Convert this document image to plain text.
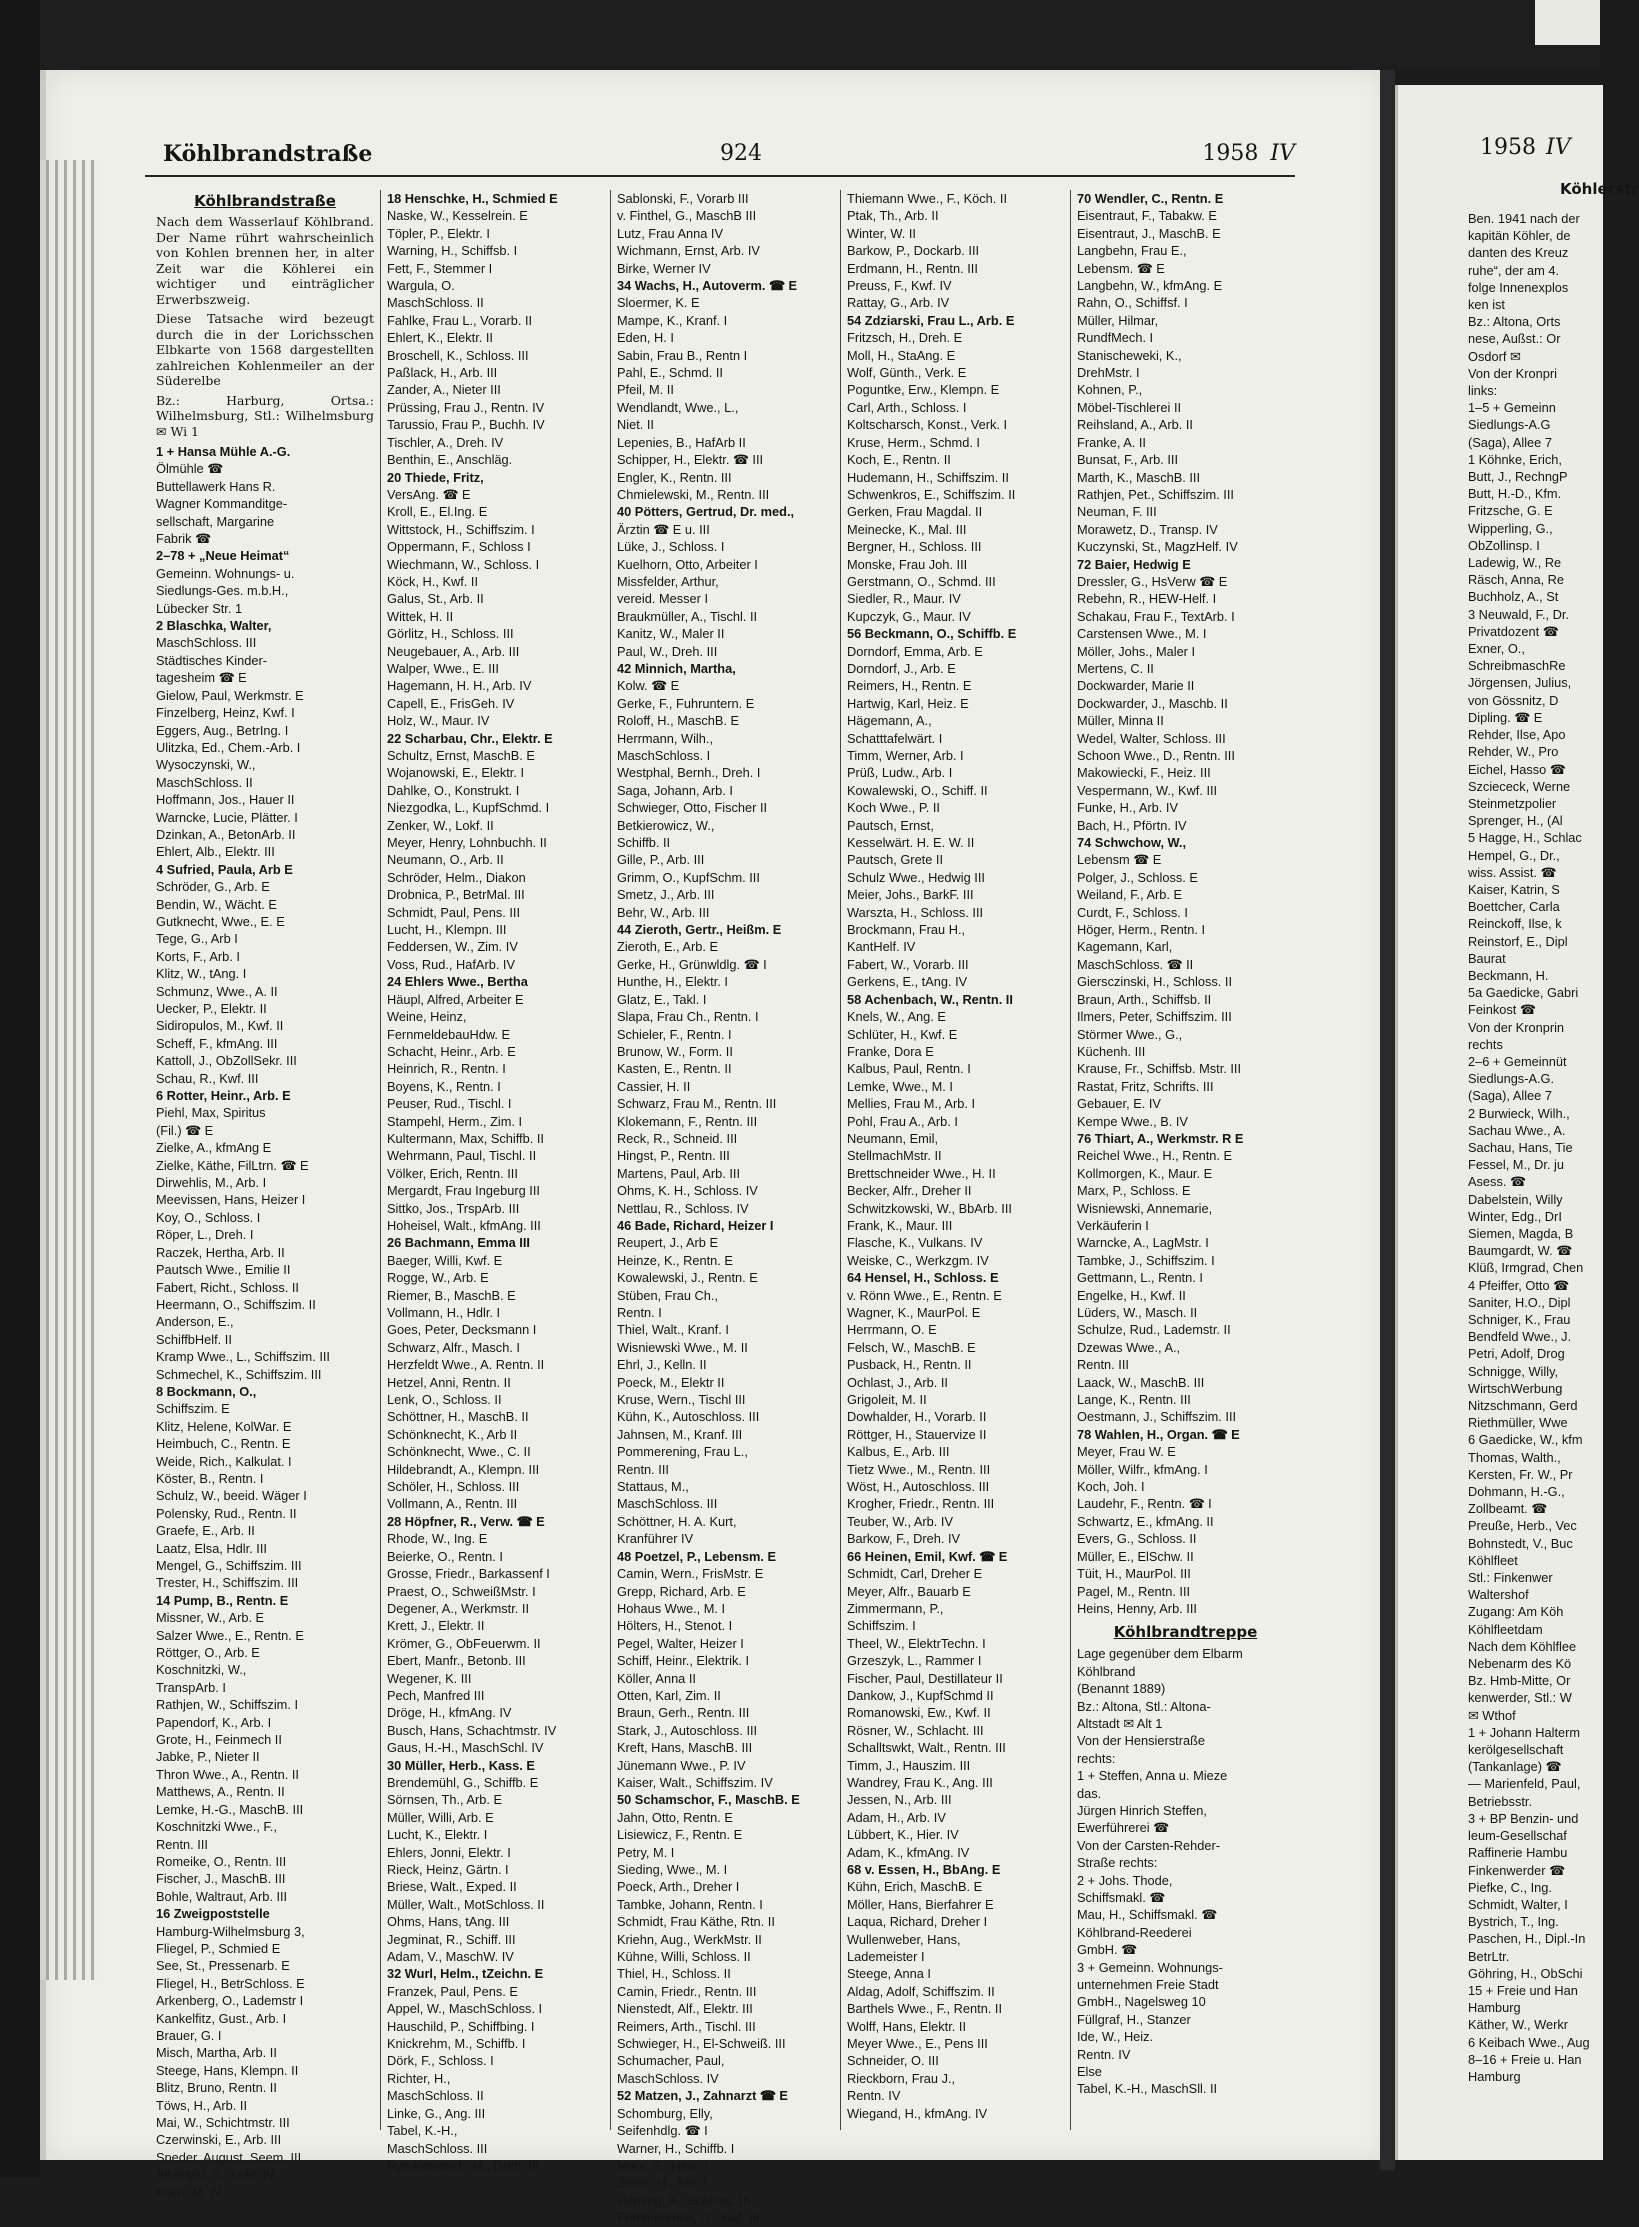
Köhlbrandstraße	924	1958 IV
Köhlbrandstraße
Nach dem Wasserlauf Köhlbrand. Der Name rührt wahrscheinlich von Kohlen brennen her, in alter Zeit war die Köhlerei ein wichtiger und einträglicher Erwerbszweig.
Diese Tatsache wird bezeugt durch die in der Lorichsschen Elbkarte von 1568 dargestellten zahlreichen Kohlenmeiler an der Süderelbe
Bz.: Harburg, Ortsa.: Wilhelmsburg, Stl.: Wilhelmsburg ✉ Wi 1
1 + Hansa Mühle A.-G.
Ölmühle ☎
Buttellawerk Hans R.
Wagner Kommanditge-
sellschaft, Margarine
Fabrik ☎
2–78 + „Neue Heimat“
Gemeinn. Wohnungs- u.
Siedlungs-Ges. m.b.H.,
Lübecker Str. 1
2 Blaschka, Walter,
MaschSchloss. III
Städtisches Kinder-
tagesheim ☎ E
Gielow, Paul, Werkmstr. E
Finzelberg, Heinz, Kwf. I
Eggers, Aug., BetrIng. I
Ulitzka, Ed., Chem.-Arb. I
Wysoczynski, W.,
MaschSchloss. II
Hoffmann, Jos., Hauer II
Warncke, Lucie, Plätter. I
Dzinkan, A., BetonArb. II
Ehlert, Alb., Elektr. III
4 Sufried, Paula, Arb E
Schröder, G., Arb. E
Bendin, W., Wächt. E
Gutknecht, Wwe., E. E
Tege, G., Arb I
Korts, F., Arb. I
Klitz, W., tAng. I
Schmunz, Wwe., A. II
Uecker, P., Elektr. II
Sidiropulos, M., Kwf. II
Scheff, F., kfmAng. III
Kattoll, J., ObZollSekr. III
Schau, R., Kwf. III
6 Rotter, Heinr., Arb. E
Piehl, Max, Spiritus
(Fil.) ☎ E
Zielke, A., kfmAng E
Zielke, Käthe, FilLtrn. ☎ E
Dirwehlis, M., Arb. I
Meevissen, Hans, Heizer I
Koy, O., Schloss. I
Röper, L., Dreh. I
Raczek, Hertha, Arb. II
Pautsch Wwe., Emilie II
Fabert, Richt., Schloss. II
Heermann, O., Schiffszim. II
Anderson, E.,
SchiffbHelf. II
Kramp Wwe., L., Schiffszim. III
Schmechel, K., Schiffszim. III
8 Bockmann, O.,
Schiffszim. E
Klitz, Helene, KolWar. E
Heimbuch, C., Rentn. E
Weide, Rich., Kalkulat. I
Köster, B., Rentn. I
Schulz, W., beeid. Wäger I
Polensky, Rud., Rentn. II
Graefe, E., Arb. II
Laatz, Elsa, Hdlr. III
Mengel, G., Schiffszim. III
Trester, H., Schiffszim. III
14 Pump, B., Rentn. E
Missner, W., Arb. E
Salzer Wwe., E., Rentn. E
Röttger, O., Arb. E
Koschnitzki, W.,
TranspArb. I
Rathjen, W., Schiffszim. I
Papendorf, K., Arb. I
Grote, H., Feinmech II
Jabke, P., Nieter II
Thron Wwe., A., Rentn. II
Matthews, A., Rentn. II
Lemke, H.-G., MaschB. III
Koschnitzki Wwe., F.,
Rentn. III
Romeike, O., Rentn. III
Fischer, J., MaschB. III
Bohle, Waltraut, Arb. III
16 Zweigpoststelle
Hamburg-Wilhelmsburg 3,
Fliegel, P., Schmied E
See, St., Pressenarb. E
Fliegel, H., BetrSchloss. E
Arkenberg, O., Lademstr I
Kankelfitz, Gust., Arb. I
Brauer, G. I
Misch, Martha, Arb. II
Steege, Hans, Klempn. II
Blitz, Bruno, Rentn. II
Töws, H., Arb. II
Mai, W., Schichtmstr. III
Czerwinski, E., Arb. III
Speder, August, Seem. III
Albertzki, S., Lokf. IV
Koch, M. IV
18 Henschke, H., Schmied E
Naske, W., Kesselrein. E
Töpler, P., Elektr. I
Warning, H., Schiffsb. I
Fett, F., Stemmer I
Wargula, O.
MaschSchloss. II
Fahlke, Frau L., Vorarb. II
Ehlert, K., Elektr. II
Broschell, K., Schloss. III
Paßlack, H., Arb. III
Zander, A., Nieter III
Prüssing, Frau J., Rentn. IV
Tarussio, Frau P., Buchh. IV
Tischler, A., Dreh. IV
Benthin, E., Anschläg.
20 Thiede, Fritz,
VersAng. ☎ E
Kroll, E., El.Ing. E
Wittstock, H., Schiffszim. I
Oppermann, F., Schloss I
Wiechmann, W., Schloss. I
Köck, H., Kwf. II
Galus, St., Arb. II
Wittek, H. II
Görlitz, H., Schloss. III
Neugebauer, A., Arb. III
Walper, Wwe., E. III
Hagemann, H. H., Arb. IV
Capell, E., FrisGeh. IV
Holz, W., Maur. IV
22 Scharbau, Chr., Elektr. E
Schultz, Ernst, MaschB. E
Wojanowski, E., Elektr. I
Dahlke, O., Konstrukt. I
Niezgodka, L., KupfSchmd. I
Zenker, W., Lokf. II
Meyer, Henry, Lohnbuchh. II
Neumann, O., Arb. II
Schröder, Helm., Diakon
Drobnica, P., BetrMal. III
Schmidt, Paul, Pens. III
Lucht, H., Klempn. III
Feddersen, W., Zim. IV
Voss, Rud., HafArb. IV
24 Ehlers Wwe., Bertha
Häupl, Alfred, Arbeiter E
Weine, Heinz,
FernmeldebauHdw. E
Schacht, Heinr., Arb. E
Heinrich, R., Rentn. I
Boyens, K., Rentn. I
Peuser, Rud., Tischl. I
Stampehl, Herm., Zim. I
Kultermann, Max, Schiffb. II
Wehrmann, Paul, Tischl. II
Völker, Erich, Rentn. III
Mergardt, Frau Ingeburg III
Sittko, Jos., TrspArb. III
Hoheisel, Walt., kfmAng. III
26 Bachmann, Emma III
Baeger, Willi, Kwf. E
Rogge, W., Arb. E
Riemer, B., MaschB. E
Vollmann, H., Hdlr. I
Goes, Peter, Decksmann I
Schwarz, Alfr., Masch. I
Herzfeldt Wwe., A. Rentn. II
Hetzel, Anni, Rentn. II
Lenk, O., Schloss. II
Schöttner, H., MaschB. II
Schönknecht, K., Arb II
Schönknecht, Wwe., C. II
Hildebrandt, A., Klempn. III
Schöler, H., Schloss. III
Vollmann, A., Rentn. III
28 Höpfner, R., Verw. ☎ E
Rhode, W., Ing. E
Beierke, O., Rentn. I
Grosse, Friedr., Barkassenf I
Praest, O., SchweißMstr. I
Degener, A., Werkmstr. II
Krett, J., Elektr. II
Krömer, G., ObFeuerwm. II
Ebert, Manfr., Betonb. III
Wegener, K. III
Pech, Manfred III
Dröge, H., kfmAng. IV
Busch, Hans, Schachtmstr. IV
Gaus, H.-H., MaschSchl. IV
30 Müller, Herb., Kass. E
Brendemühl, G., Schiffb. E
Sörnsen, Th., Arb. E
Müller, Willi, Arb. E
Lucht, K., Elektr. I
Ehlers, Jonni, Elektr. I
Rieck, Heinz, Gärtn. I
Briese, Walt., Exped. II
Müller, Walt., MotSchloss. II
Ohms, Hans, tAng. III
Jegminat, R., Schiff. III
Adam, V., MaschW. IV
32 Wurl, Helm., tZeichn. E
Franzek, Paul, Pens. E
Appel, W., MaschSchloss. I
Hauschild, P., Schiffbing. I
Knickrehm, M., Schiffb. I
Dörk, F., Schloss. I
Richter, H.,
MaschSchloss. II
Linke, G., Ang. III
Tabel, K.-H.,
MaschSchloss. III
Rymkiewitsch, M., Dreh. III
Sablonski, F., Vorarb III
v. Finthel, G., MaschB III
Lutz, Frau Anna IV
Wichmann, Ernst, Arb. IV
Birke, Werner IV
34 Wachs, H., Autoverm. ☎ E
Sloermer, K. E
Mampe, K., Kranf. I
Eden, H. I
Sabin, Frau B., Rentn I
Pahl, E., Schmd. II
Pfeil, M. II
Wendlandt, Wwe., L.,
Niet. II
Lepenies, B., HafArb II
Schipper, H., Elektr. ☎ III
Engler, K., Rentn. III
Chmielewski, M., Rentn. III
40 Pötters, Gertrud, Dr. med.,
Ärztin ☎ E u. III
Lüke, J., Schloss. I
Kuelhorn, Otto, Arbeiter I
Missfelder, Arthur,
vereid. Messer I
Braukmüller, A., Tischl. II
Kanitz, W., Maler II
Paul, W., Dreh. III
42 Minnich, Martha,
Kolw. ☎ E
Gerke, F., Fuhruntern. E
Roloff, H., MaschB. E
Herrmann, Wilh.,
MaschSchloss. I
Westphal, Bernh., Dreh. I
Saga, Johann, Arb. I
Schwieger, Otto, Fischer II
Betkierowicz, W.,
Schiffb. II
Gille, P., Arb. III
Grimm, O., KupfSchm. III
Smetz, J., Arb. III
Behr, W., Arb. III
44 Zieroth, Gertr., Heißm. E
Zieroth, E., Arb. E
Gerke, H., Grünwldlg. ☎ I
Hunthe, H., Elektr. I
Glatz, E., Takl. I
Slapa, Frau Ch., Rentn. I
Schieler, F., Rentn. I
Brunow, W., Form. II
Kasten, E., Rentn. II
Cassier, H. II
Schwarz, Frau M., Rentn. III
Klokemann, F., Rentn. III
Reck, R., Schneid. III
Hingst, P., Rentn. III
Martens, Paul, Arb. III
Ohms, K. H., Schloss. IV
Nettlau, R., Schloss. IV
46 Bade, Richard, Heizer I
Reupert, J., Arb E
Heinze, K., Rentn. E
Kowalewski, J., Rentn. E
Stüben, Frau Ch.,
Rentn. I
Thiel, Walt., Kranf. I
Wisniewski Wwe., M. II
Ehrl, J., Kelln. II
Poeck, M., Elektr II
Kruse, Wern., Tischl III
Kühn, K., Autoschloss. III
Jahnsen, M., Kranf. III
Pommerening, Frau L.,
Rentn. III
Stattaus, M.,
MaschSchloss. III
Schöttner, H. A. Kurt,
Kranführer IV
48 Poetzel, P., Lebensm. E
Camin, Wern., FrisMstr. E
Grepp, Richard, Arb. E
Hohaus Wwe., M. I
Hölters, H., Stenot. I
Pegel, Walter, Heizer I
Schiff, Heinr., Elektrik. I
Köller, Anna II
Otten, Karl, Zim. II
Braun, Gerh., Rentn. III
Stark, J., Autoschloss. III
Kreft, Hans, MaschB. III
Jünemann Wwe., P. IV
Kaiser, Walt., Schiffszim. IV
50 Schamschor, F., MaschB. E
Jahn, Otto, Rentn. E
Lisiewicz, F., Rentn. E
Petry, M. I
Sieding, Wwe., M. I
Poeck, Arth., Dreher I
Tambke, Johann, Rentn. I
Schmidt, Frau Käthe, Rtn. II
Kriehn, Aug., WerkMstr. II
Kühne, Willi, Schloss. II
Thiel, H., Schloss. II
Camin, Friedr., Rentn. III
Nienstedt, Alf., Elektr. III
Reimers, Arth., Tischl. III
Schwieger, H., El-Schweiß. III
Schumacher, Paul,
MaschSchloss. IV
52 Matzen, J., Zahnarzt ☎ E
Schomburg, Elly,
Seifenhdlg. ☎ I
Warner, H., Schiffb. I
Marx, E., Heiz. I
Stolte, H., Arb. I
Herning, A., Schloss. III
Pommerenke, O., Kwf. III
Thiemann Wwe., F., Köch. II
Ptak, Th., Arb. II
Winter, W. II
Barkow, P., Dockarb. III
Erdmann, H., Rentn. III
Preuss, F., Kwf. IV
Rattay, G., Arb. IV
54 Zdziarski, Frau L., Arb. E
Fritzsch, H., Dreh. E
Moll, H., StaAng. E
Wolf, Günth., Verk. E
Poguntke, Erw., Klempn. E
Carl, Arth., Schloss. I
Koltscharsch, Konst., Verk. I
Kruse, Herm., Schmd. I
Koch, E., Rentn. II
Hudemann, H., Schiffszim. II
Schwenkros, E., Schiffszim. II
Gerken, Frau Magdal. II
Meinecke, K., Mal. III
Bergner, H., Schloss. III
Monske, Frau Joh. III
Gerstmann, O., Schmd. III
Siedler, R., Maur. IV
Kupczyk, G., Maur. IV
56 Beckmann, O., Schiffb. E
Dorndorf, Emma, Arb. E
Dorndorf, J., Arb. E
Reimers, H., Rentn. E
Hartwig, Karl, Heiz. E
Hägemann, A.,
Schatttafelwärt. I
Timm, Werner, Arb. I
Prüß, Ludw., Arb. I
Kowalewski, O., Schiff. II
Koch Wwe., P. II
Pautsch, Ernst,
Kesselwärt. H. E. W. II
Pautsch, Grete II
Schulz Wwe., Hedwig III
Meier, Johs., BarkF. III
Warszta, H., Schloss. III
Brockmann, Frau H.,
KantHelf. IV
Fabert, W., Vorarb. III
Gerkens, E., tAng. IV
58 Achenbach, W., Rentn. II
Knels, W., Ang. E
Schlüter, H., Kwf. E
Franke, Dora E
Kalbus, Paul, Rentn. I
Lemke, Wwe., M. I
Mellies, Frau M., Arb. I
Pohl, Frau A., Arb. I
Neumann, Emil,
StellmachMstr. II
Brettschneider Wwe., H. II
Becker, Alfr., Dreher II
Schwitzkowski, W., BbArb. III
Frank, K., Maur. III
Flasche, K., Vulkans. IV
Weiske, C., Werkzgm. IV
64 Hensel, H., Schloss. E
v. Rönn Wwe., E., Rentn. E
Wagner, K., MaurPol. E
Herrmann, O. E
Felsch, W., MaschB. E
Pusback, H., Rentn. II
Ochlast, J., Arb. II
Grigoleit, M. II
Dowhalder, H., Vorarb. II
Röttger, H., Stauervize II
Kalbus, E., Arb. III
Tietz Wwe., M., Rentn. III
Wöst, H., Autoschloss. III
Krogher, Friedr., Rentn. III
Teuber, W., Arb. IV
Barkow, F., Dreh. IV
66 Heinen, Emil, Kwf. ☎ E
Schmidt, Carl, Dreher E
Meyer, Alfr., Bauarb E
Zimmermann, P.,
Schiffszim. I
Theel, W., ElektrTechn. I
Grzeszyk, L., Rammer I
Fischer, Paul, Destillateur II
Dankow, J., KupfSchmd II
Romanowski, Ew., Kwf. II
Rösner, W., Schlacht. III
Schalltswkt, Walt., Rentn. III
Timm, J., Hauszim. III
Wandrey, Frau K., Ang. III
Jessen, N., Arb. III
Adam, H., Arb. IV
Lübbert, K., Hier. IV
Adam, K., kfmAng. IV
68 v. Essen, H., BbAng. E
Kühn, Erich, MaschB. E
Möller, Hans, Bierfahrer E
Laqua, Richard, Dreher I
Wullenweber, Hans,
Lademeister I
Steege, Anna I
Aldag, Adolf, Schiffszim. II
Barthels Wwe., F., Rentn. II
Wolff, Hans, Elektr. II
Meyer Wwe., E., Pens III
Schneider, O. III
Rieckborn, Frau J.,
Rentn. IV
Wiegand, H., kfmAng. IV
70 Wendler, C., Rentn. E
Eisentraut, F., Tabakw. E
Eisentraut, J., MaschB. E
Langbehn, Frau E.,
Lebensm. ☎ E
Langbehn, W., kfmAng. E
Rahn, O., Schiffsf. I
Müller, Hilmar,
RundfMech. I
Stanischeweki, K.,
DrehMstr. I
Kohnen, P.,
Möbel-Tischlerei II
Reihsland, A., Arb. II
Franke, A. II
Bunsat, F., Arb. III
Marth, K., MaschB. III
Rathjen, Pet., Schiffszim. III
Neuman, F. III
Morawetz, D., Transp. IV
Kuczynski, St., MagzHelf. IV
72 Baier, Hedwig E
Dressler, G., HsVerw ☎ E
Rebehn, R., HEW-Helf. I
Schakau, Frau F., TextArb. I
Carstensen Wwe., M. I
Möller, Johs., Maler I
Mertens, C. II
Dockwarder, Marie II
Dockwarder, J., Maschb. II
Müller, Minna II
Wedel, Walter, Schloss. III
Schoon Wwe., D., Rentn. III
Makowiecki, F., Heiz. III
Vespermann, W., Kwf. III
Funke, H., Arb. IV
Bach, H., Pförtn. IV
74 Schwchow, W.,
Lebensm ☎ E
Polger, J., Schloss. E
Weiland, F., Arb. E
Curdt, F., Schloss. I
Höger, Herm., Rentn. I
Kagemann, Karl,
MaschSchloss. ☎ II
Giersczinski, H., Schloss. II
Braun, Arth., Schiffsb. II
Ilmers, Peter, Schiffszim. III
Störmer Wwe., G.,
Küchenh. III
Krause, Fr., Schiffsb. Mstr. III
Rastat, Fritz, Schrifts. III
Gebauer, E. IV
Kempe Wwe., B. IV
76 Thiart, A., Werkmstr. R E
Reichel Wwe., H., Rentn. E
Kollmorgen, K., Maur. E
Marx, P., Schloss. E
Wisniewski, Annemarie,
Verkäuferin I
Warncke, A., LagMstr. I
Tambke, J., Schiffszim. I
Gettmann, L., Rentn. I
Engelke, H., Kwf. II
Lüders, W., Masch. II
Schulze, Rud., Lademstr. II
Dzewas Wwe., A.,
Rentn. III
Laack, W., MaschB. III
Lange, K., Rentn. III
Oestmann, J., Schiffszim. III
78 Wahlen, H., Organ. ☎ E
Meyer, Frau W. E
Möller, Wilfr., kfmAng. I
Koch, Joh. I
Laudehr, F., Rentn. ☎ I
Schwartz, E., kfmAng. II
Evers, G., Schloss. II
Müller, E., ElSchw. II
Tüit, H., MaurPol. III
Pagel, M., Rentn. III
Heins, Henny, Arb. III
Köhlbrandtreppe
Lage gegenüber dem Elbarm
Köhlbrand
(Benannt 1889)
Bz.: Altona, Stl.: Altona-
Altstadt ✉ Alt 1
Von der Hensierstraße
rechts:
1 + Steffen, Anna u. Mieze
das.
Jürgen Hinrich Steffen,
Ewerführerei ☎
Von der Carsten-Rehder-
Straße rechts:
2 + Johs. Thode,
Schiffsmakl. ☎
Mau, H., Schiffsmakl. ☎
Köhlbrand-Reederei
GmbH. ☎
3 + Gemeinn. Wohnungs-
unternehmen Freie Stadt
GmbH., Nagelsweg 10
Füllgraf, H., Stanzer
Ide, W., Heiz.
Rentn. IV
Else
Tabel, K.-H., MaschSll. II
1958 IV
Köhlerstr
Ben. 1941 nach der
kapitän Köhler, de
danten des Kreuz
ruhe“, der am 4.
folge Innenexplos
ken ist
Bz.: Altona, Orts
nese, Außst.: Or
Osdorf ✉
Von der Kronpri
links:
1–5 + Gemeinn
Siedlungs-A.G
(Saga), Allee 7
1 Köhnke, Erich,
Butt, J., RechngP
Butt, H.-D., Kfm.
Fritzsche, G. E
Wipperling, G.,
ObZollinsp. I
Ladewig, W., Re
Räsch, Anna, Re
Buchholz, A., St
3 Neuwald, F., Dr.
Privatdozent ☎
Exner, O.,
SchreibmaschRe
Jörgensen, Julius,
von Gössnitz, D
Dipling. ☎ E
Rehder, Ilse, Apo
Rehder, W., Pro
Eichel, Hasso ☎
Szciececk, Werne
Steinmetzpolier
Sprenger, H., (Al
5 Hagge, H., Schlac
Hempel, G., Dr.,
wiss. Assist. ☎
Kaiser, Katrin, S
Boettcher, Carla
Reinckoff, Ilse, k
Reinstorf, E., Dipl
Baurat
Beckmann, H.
5a Gaedicke, Gabri
Feinkost ☎
Von der Kronprin
rechts
2–6 + Gemeinnüt
Siedlungs-A.G.
(Saga), Allee 7
2 Burwieck, Wilh.,
Sachau Wwe., A.
Sachau, Hans, Tie
Fessel, M., Dr. ju
Asess. ☎
Dabelstein, Willy
Winter, Edg., DrI
Siemen, Magda, B
Baumgardt, W. ☎
Klüß, Irmgrad, Chen
4 Pfeiffer, Otto ☎
Saniter, H.O., Dipl
Schniger, K., Frau
Bendfeld Wwe., J.
Petri, Adolf, Drog
Schnigge, Willy,
WirtschWerbung
Nitzschmann, Gerd
Riethmüller, Wwe
6 Gaedicke, W., kfm
Thomas, Walth.,
Kersten, Fr. W., Pr
Dohmann, H.-G.,
Zollbeamt. ☎
Preuße, Herb., Vec
Bohnstedt, V., Buc
Köhlfleet
Stl.: Finkenwer
Waltershof
Zugang: Am Köh
Köhlfleetdam
Nach dem Köhlflee
Nebenarm des Kö
Bz. Hmb-Mitte, Or
kenwerder, Stl.: W
✉ Wthof
1 + Johann Halterm
kerölgesellschaft
(Tankanlage) ☎
— Marienfeld, Paul,
Betriebsstr.
3 + BP Benzin- und
leum-Gesellschaf
Raffinerie Hambu
Finkenwerder ☎
Piefke, C., Ing.
Schmidt, Walter, I
Bystrich, T., Ing.
Paschen, H., Dipl.-In
BetrLtr.
Göhring, H., ObSchi
15 + Freie und Han
Hamburg
Käther, W., Werkr
6 Keibach Wwe., Aug
8–16 + Freie u. Han
Hamburg
